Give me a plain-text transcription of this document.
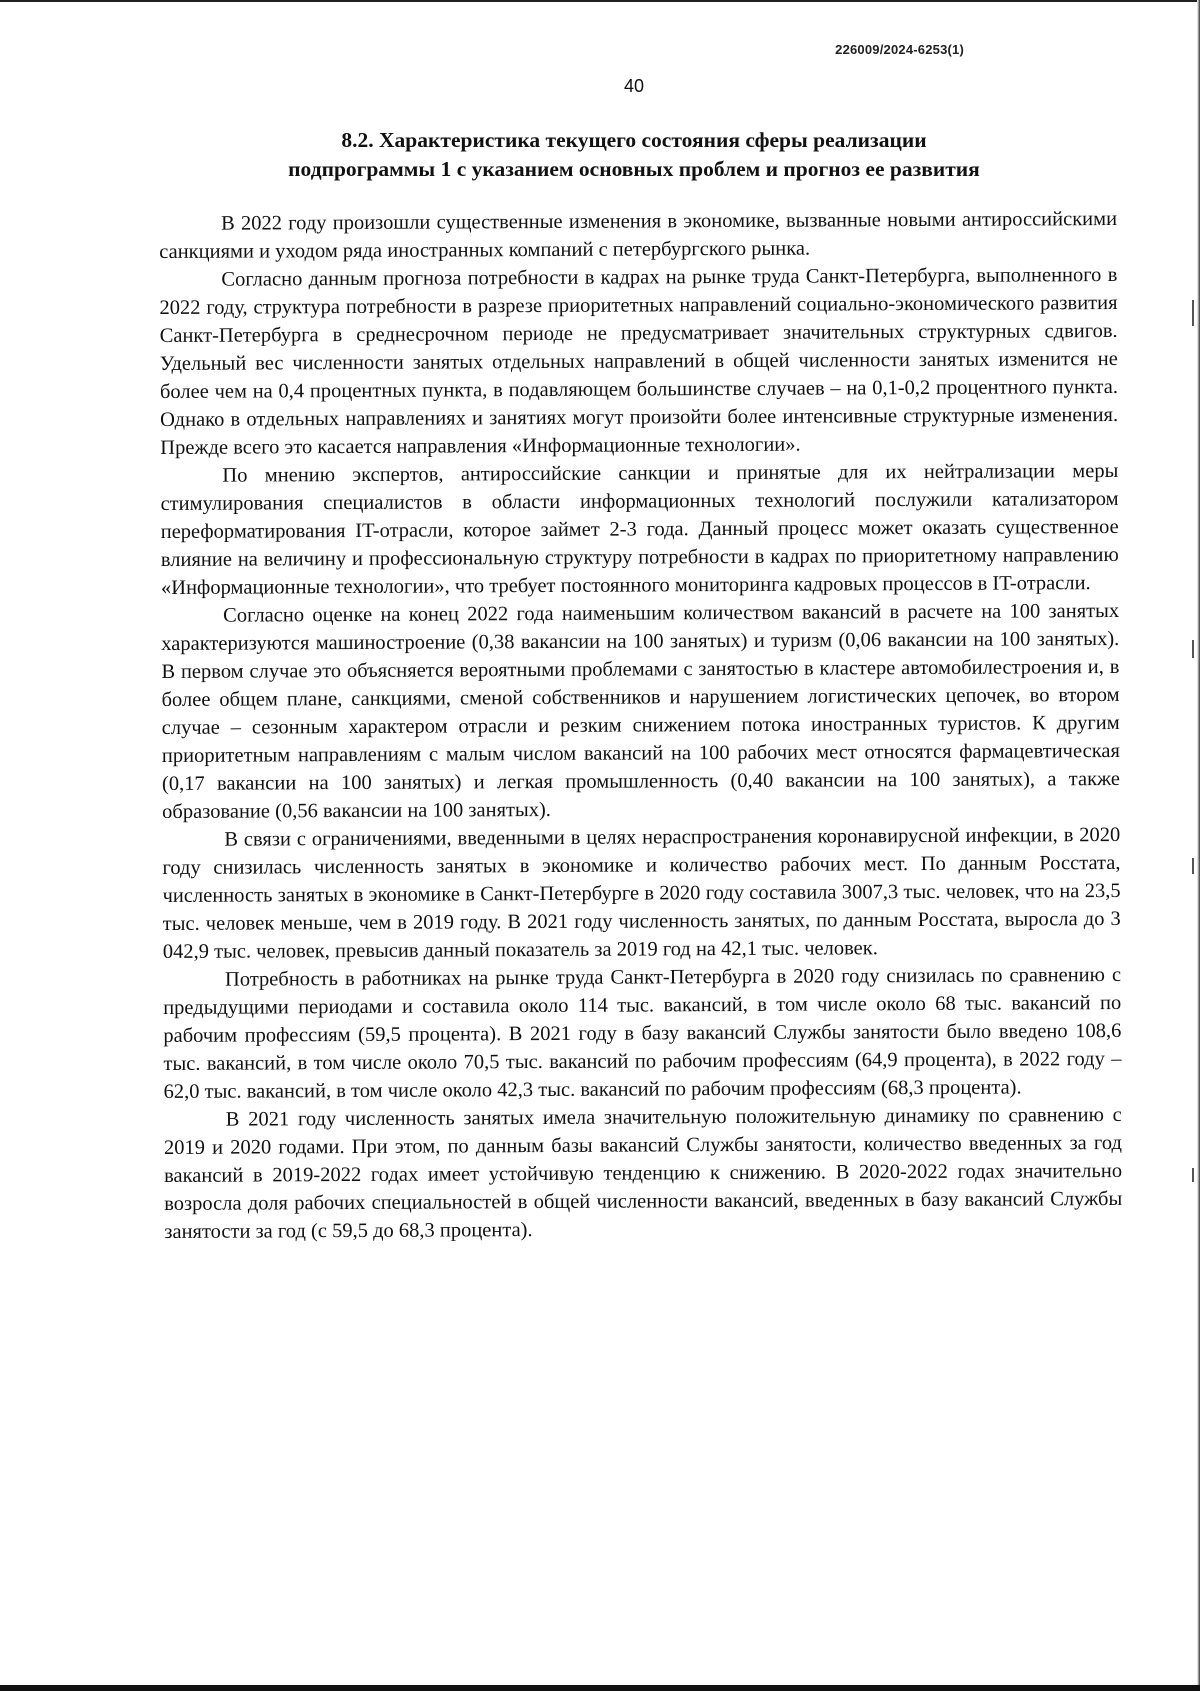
226009/2024-6253(1)
40
8.2. Характеристика текущего состояния сферы реализации
подпрограммы 1 с указанием основных проблем и прогноз ее развития

В 2022 году произошли существенные изменения в экономике, вызванные новыми антироссийскими санкциями и уходом ряда иностранных компаний с петербургского рынка.

Согласно данным прогноза потребности в кадрах на рынке труда Санкт-Петербурга, выполненного в 2022 году, структура потребности в разрезе приоритетных направлений социально-экономического развития Санкт-Петербурга в среднесрочном периоде не предусматривает значительных структурных сдвигов. Удельный вес численности занятых отдельных направлений в общей численности занятых изменится не более чем на 0,4 процентных пункта, в подавляющем большинстве случаев – на 0,1-0,2 процентного пункта. Однако в отдельных направлениях и занятиях могут произойти более интенсивные структурные изменения. Прежде всего это касается направления «Информационные технологии».

По мнению экспертов, антироссийские санкции и принятые для их нейтрализации меры стимулирования специалистов в области информационных технологий послужили катализатором переформатирования IT-отрасли, которое займет 2-3 года. Данный процесс может оказать существенное влияние на величину и профессиональную структуру потребности в кадрах по приоритетному направлению «Информационные технологии», что требует постоянного мониторинга кадровых процессов в IT-отрасли.

Согласно оценке на конец 2022 года наименьшим количеством вакансий в расчете на 100 занятых характеризуются машиностроение (0,38 вакансии на 100 занятых) и туризм (0,06 вакансии на 100 занятых). В первом случае это объясняется вероятными проблемами с занятостью в кластере автомобилестроения и, в более общем плане, санкциями, сменой собственников и нарушением логистических цепочек, во втором случае – сезонным характером отрасли и резким снижением потока иностранных туристов. К другим приоритетным направлениям с малым числом вакансий на 100 рабочих мест относятся фармацевтическая (0,17 вакансии на 100 занятых) и легкая промышленность (0,40 вакансии на 100 занятых), а также образование (0,56 вакансии на 100 занятых).

В связи с ограничениями, введенными в целях нераспространения коронавирусной инфекции, в 2020 году снизилась численность занятых в экономике и количество рабочих мест. По данным Росстата, численность занятых в экономике в Санкт-Петербурге в 2020 году составила 3007,3 тыс. человек, что на 23,5 тыс. человек меньше, чем в 2019 году. В 2021 году численность занятых, по данным Росстата, выросла до 3 042,9 тыс. человек, превысив данный показатель за 2019 год на 42,1 тыс. человек.

Потребность в работниках на рынке труда Санкт-Петербурга в 2020 году снизилась по сравнению с предыдущими периодами и составила около 114 тыс. вакансий, в том числе около 68 тыс. вакансий по рабочим профессиям (59,5 процента). В 2021 году в базу вакансий Службы занятости было введено 108,6 тыс. вакансий, в том числе около 70,5 тыс. вакансий по рабочим профессиям (64,9 процента), в 2022 году – 62,0 тыс. вакансий, в том числе около 42,3 тыс. вакансий по рабочим профессиям (68,3 процента).

В 2021 году численность занятых имела значительную положительную динамику по сравнению с 2019 и 2020 годами. При этом, по данным базы вакансий Службы занятости, количество введенных за год вакансий в 2019-2022 годах имеет устойчивую тенденцию к снижению. В 2020-2022 годах значительно возросла доля рабочих специальностей в общей численности вакансий, введенных в базу вакансий Службы занятости за год (с 59,5 до 68,3 процента).
